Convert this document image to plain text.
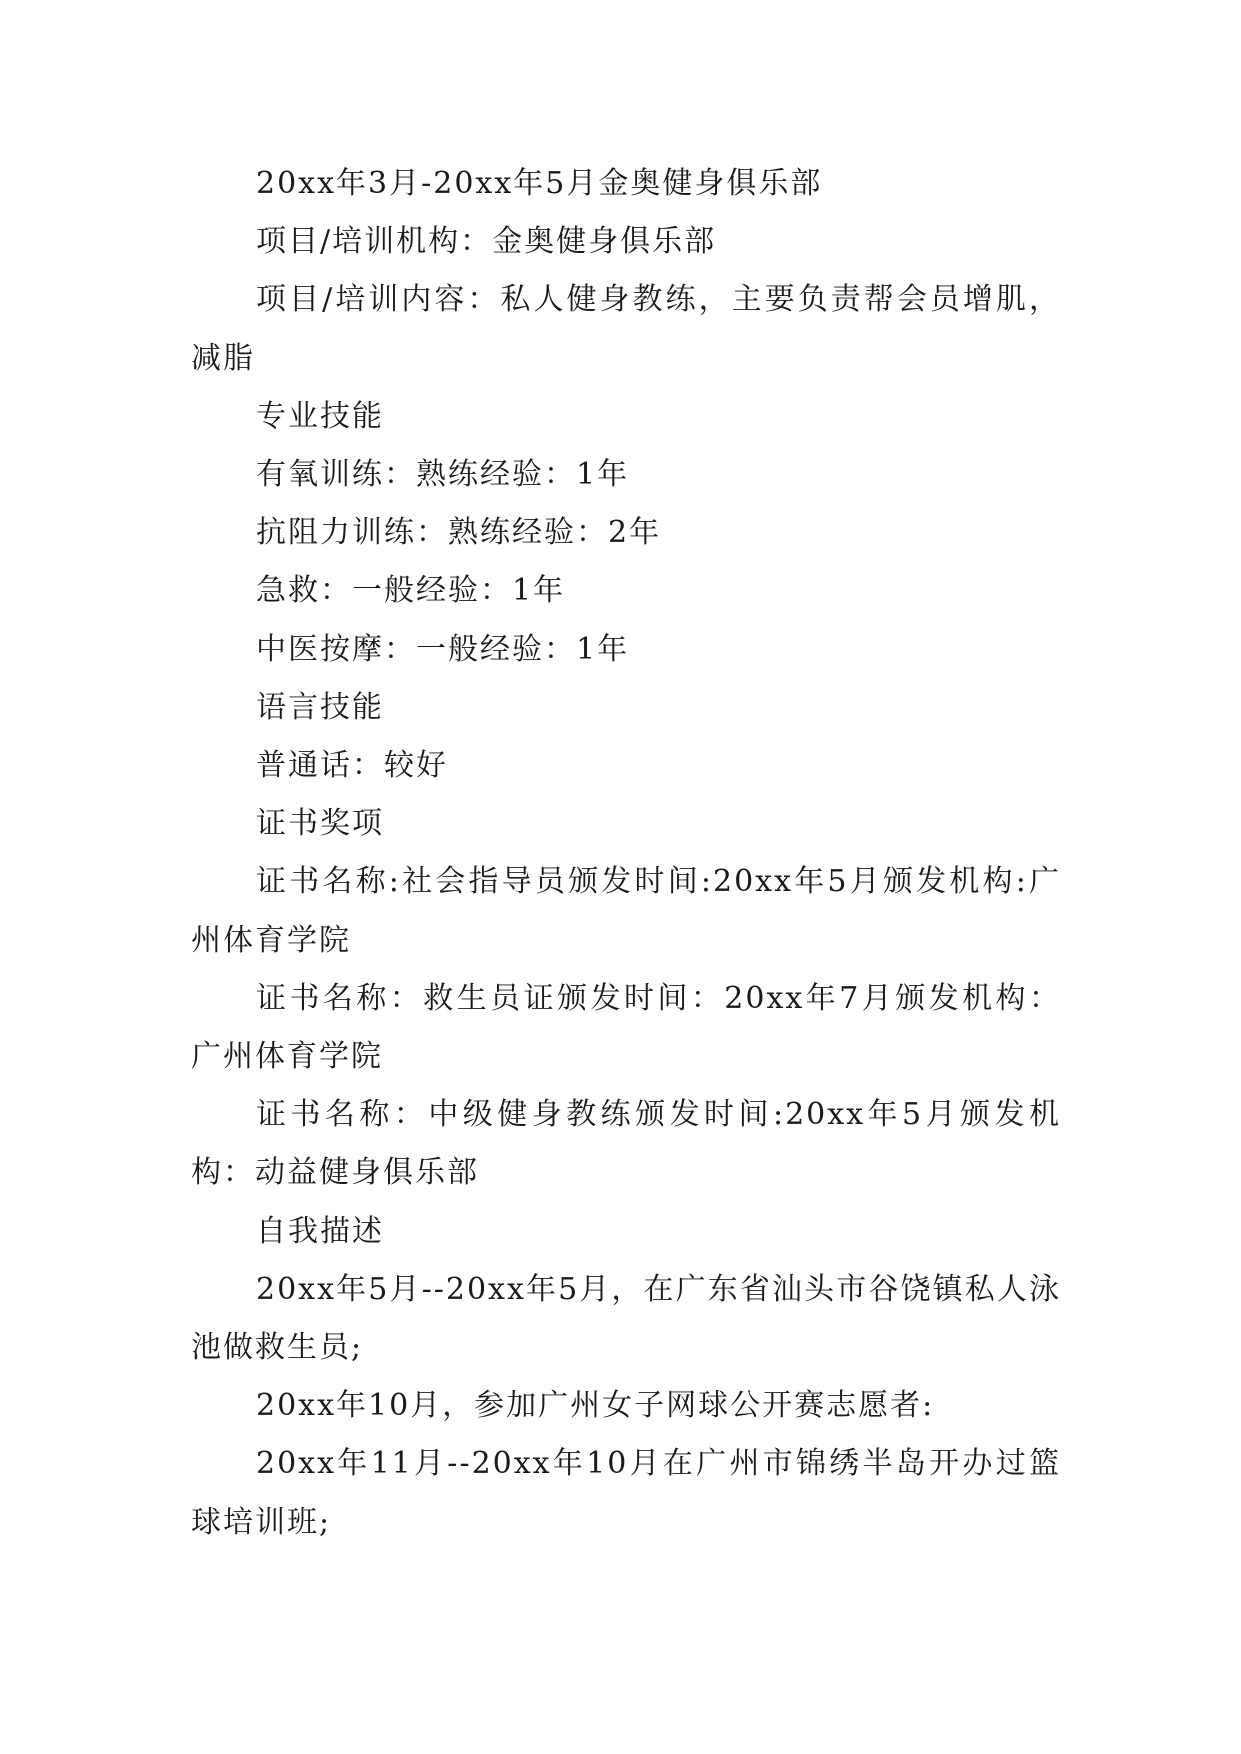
20xx年3月-20xx年5月金奥健身俱乐部

项目/培训机构：金奥健身俱乐部

项目/培训内容：私人健身教练，主要负责帮会员增肌，减脂

专业技能

有氧训练：熟练经验：1年

抗阻力训练：熟练经验：2年

急救：一般经验：1年

中医按摩：一般经验：1年

语言技能

普通话：较好

证书奖项

证书名称:社会指导员颁发时间:20xx年5月颁发机构:广州体育学院

证书名称：救生员证颁发时间：20xx年7月颁发机构：广州体育学院

证书名称：中级健身教练颁发时间:20xx年5月颁发机构：动益健身俱乐部

自我描述

20xx年5月--20xx年5月，在广东省汕头市谷饶镇私人泳池做救生员;

20xx年10月，参加广州女子网球公开赛志愿者:

20xx年11月--20xx年10月在广州市锦绣半岛开办过篮球培训班;
